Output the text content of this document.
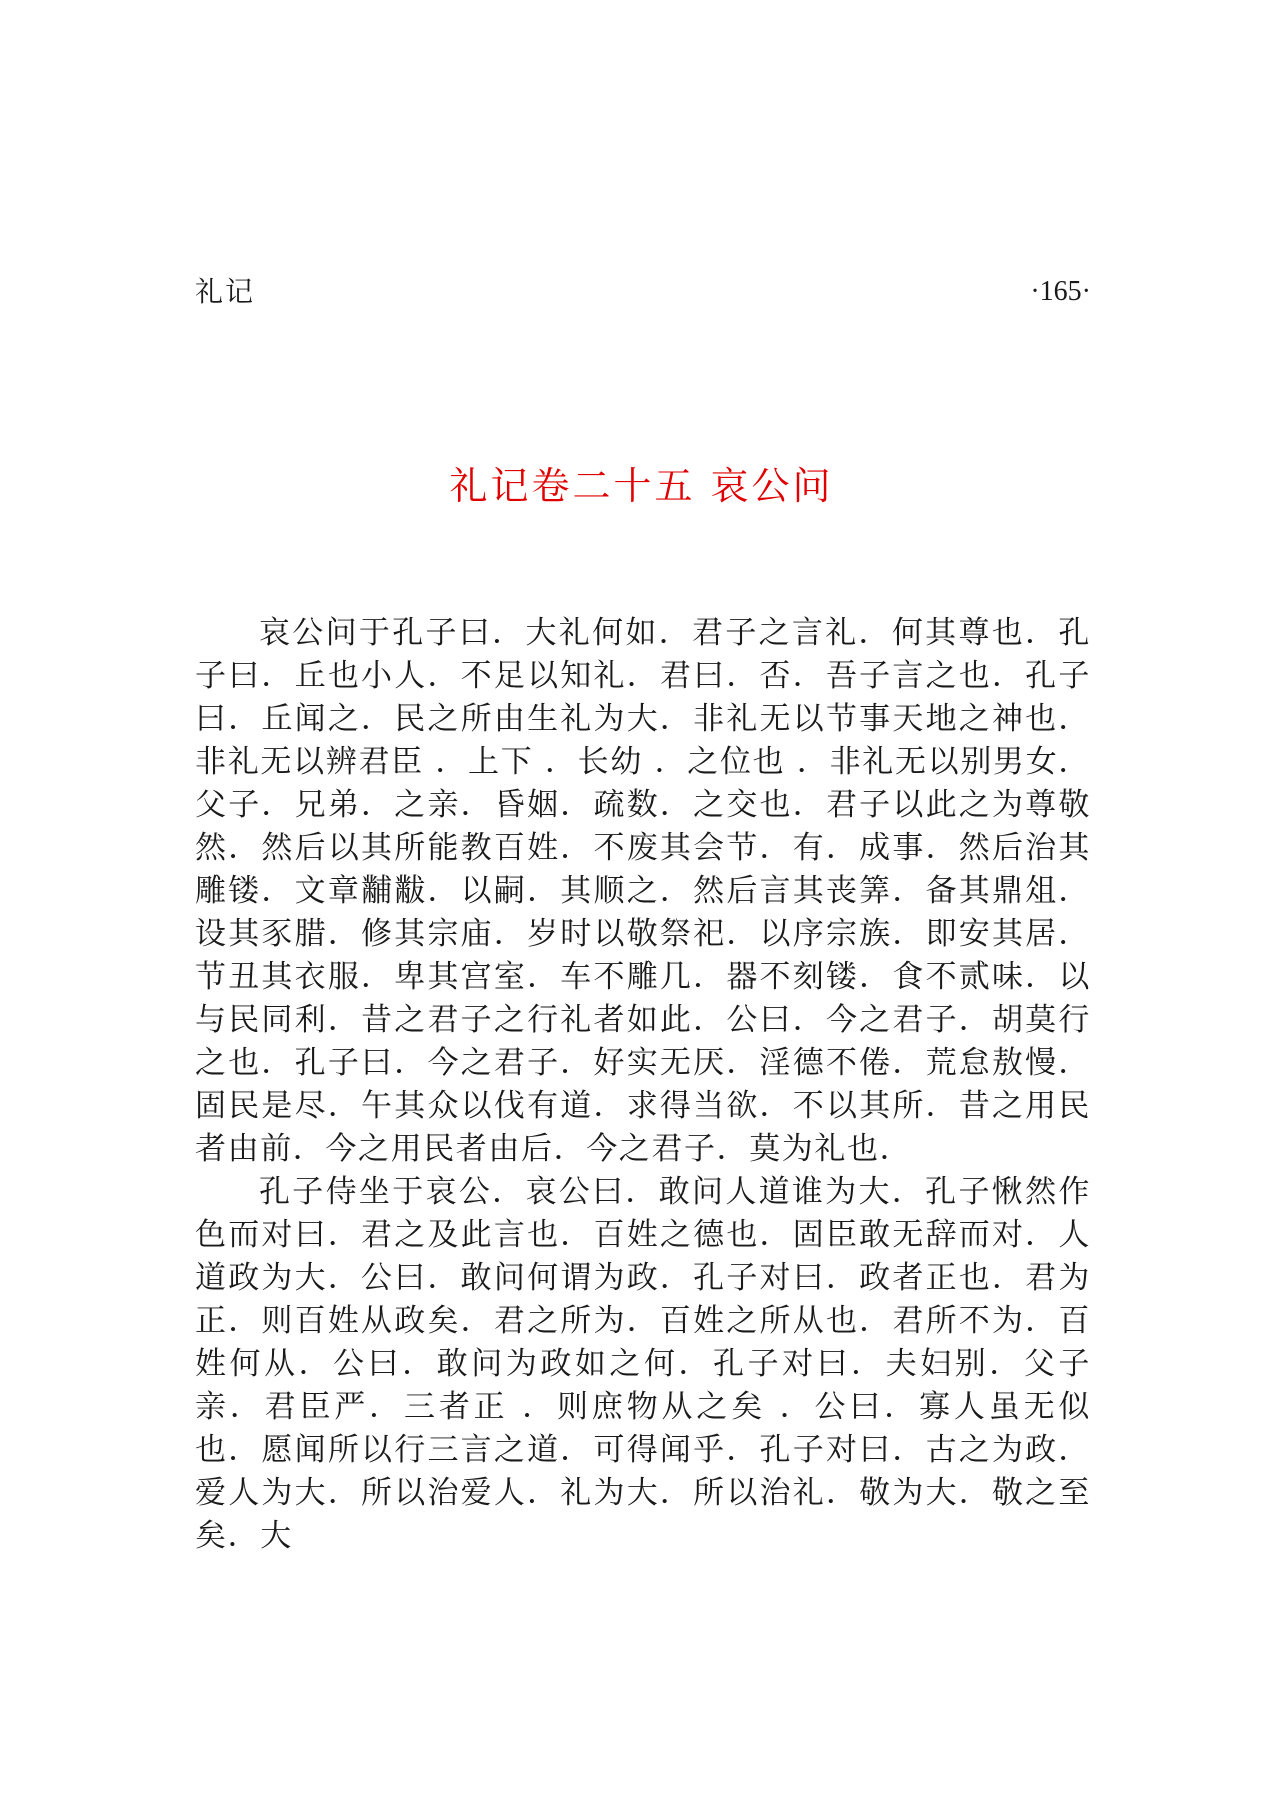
礼记	·165·
礼记卷二十五 哀公问

哀公问于孔子曰．大礼何如．君子之言礼．何其尊也．孔子曰．丘也小人．不足以知礼．君曰．否．吾子言之也．孔子曰．丘闻之．民之所由生礼为大．非礼无以节事天地之神也．非礼无以辨君臣 ．上下 ．长幼 ．之位也 ．非礼无以别男女．父子．兄弟．之亲．昏姻．疏数．之交也．君子以此之为尊敬然．然后以其所能教百姓．不废其会节．有．成事．然后治其雕镂．文章黼黻．以嗣．其顺之．然后言其丧筭．备其鼎俎．设其豕腊．修其宗庙．岁时以敬祭祀．以序宗族．即安其居．节丑其衣服．卑其宫室．车不雕几．器不刻镂．食不贰味．以与民同利．昔之君子之行礼者如此．公曰．今之君子．胡莫行之也．孔子曰．今之君子．好实无厌．淫德不倦．荒怠敖慢．固民是尽．午其众以伐有道．求得当欲．不以其所．昔之用民者由前．今之用民者由后．今之君子．莫为礼也．

孔子侍坐于哀公．哀公曰．敢问人道谁为大．孔子愀然作色而对曰．君之及此言也．百姓之德也．固臣敢无辞而对．人道政为大．公曰．敢问何谓为政．孔子对曰．政者正也．君为正．则百姓从政矣．君之所为．百姓之所从也．君所不为．百姓何从．公曰．敢问为政如之何．孔子对曰．夫妇别．父子亲．君臣严．三者正 ．则庶物从之矣 ．公曰．寡人虽无似也．愿闻所以行三言之道．可得闻乎．孔子对曰．古之为政．爱人为大．所以治爱人．礼为大．所以治礼．敬为大．敬之至矣．大
